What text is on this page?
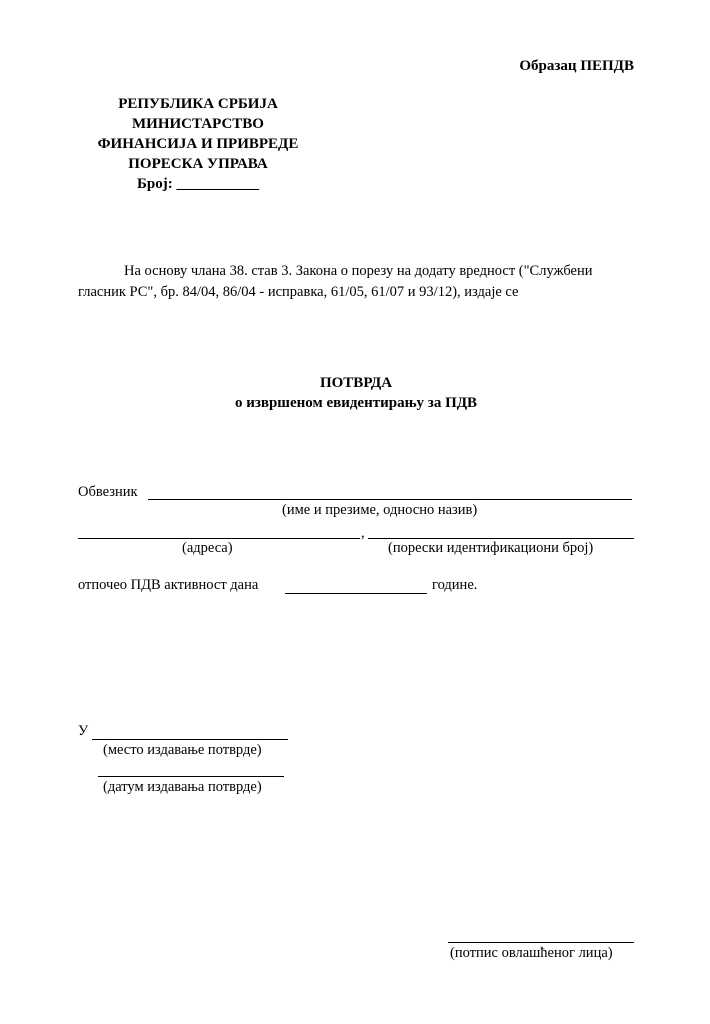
Образац ПЕПДВ
РЕПУБЛИКА СРБИЈА
МИНИСТАРСТВО
ФИНАНСИЈА И ПРИВРЕДЕ
ПОРЕСКА УПРАВА
Број: ___________
На основу члана 38. став 3. Закона о порезу на додату вредност ("Службени
гласник РС", бр. 84/04, 86/04 - исправка, 61/05, 61/07 и 93/12), издаје се
ПОТВРДА
о извршеном евидентирању за ПДВ
Обвезник
(име и презиме, односно назив)
,
(адреса)	(порески идентификациони број)
отпочео ПДВ активност дана	године.
У
(место издавање потврде)
(датум издавања потврде)
(потпис овлашћеног лица)
